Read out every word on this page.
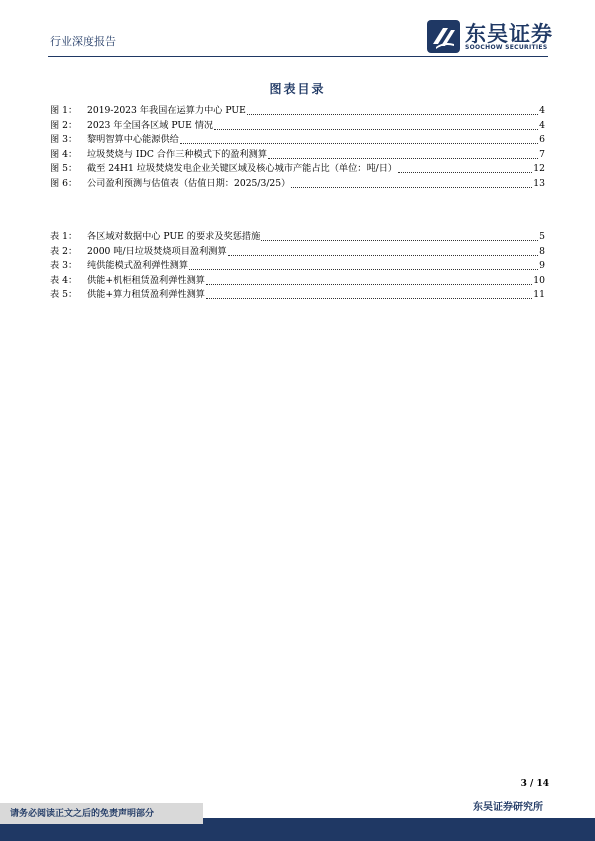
行业深度报告	东吴证券
SOOCHOW SECURITIES
图表目录
图 1：	2019-2023 年我国在运算力中心 PUE	4
图 2：	2023 年全国各区域 PUE 情况	4
图 3：	黎明智算中心能源供给	6
图 4：	垃圾焚烧与 IDC 合作三种模式下的盈利测算	7
图 5：	截至 24H1 垃圾焚烧发电企业关键区域及核心城市产能占比（单位：吨/日）	12
图 6：	公司盈利预测与估值表（估值日期：2025/3/25）	13
表 1：	各区域对数据中心 PUE 的要求及奖惩措施	5
表 2：	2000 吨/日垃圾焚烧项目盈利测算	8
表 3：	纯供能模式盈利弹性测算	9
表 4：	供能+机柜租赁盈利弹性测算	10
表 5：	供能+算力租赁盈利弹性测算	11
3 / 14
请务必阅读正文之后的免责声明部分
东吴证券研究所
